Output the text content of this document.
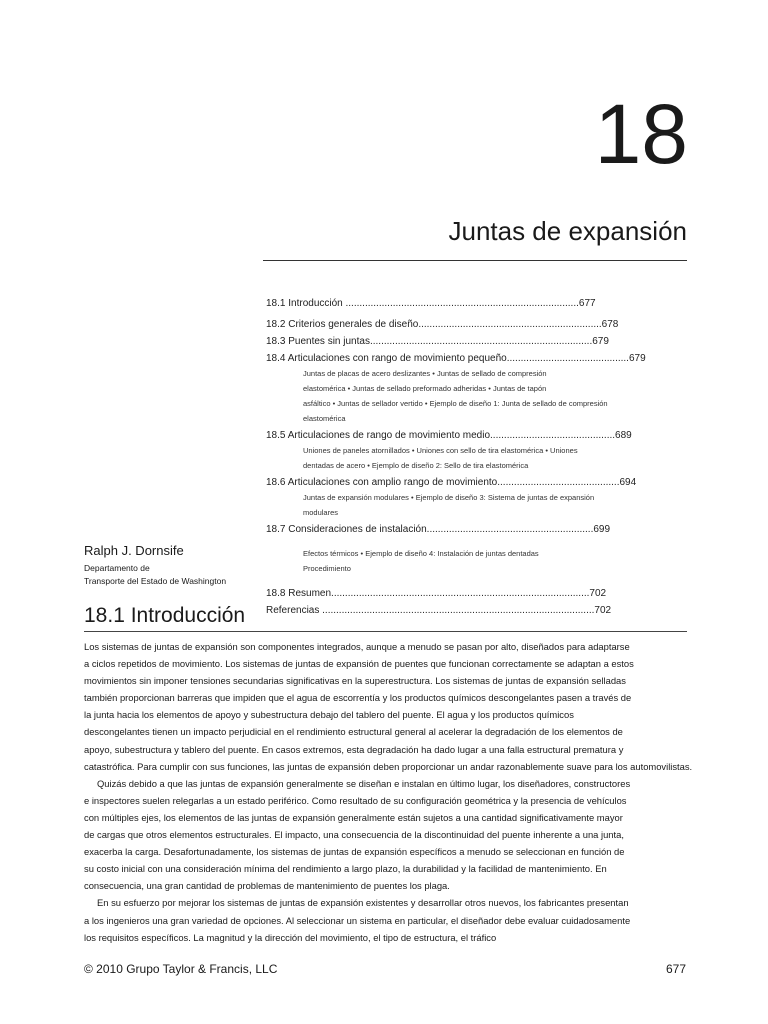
18
Juntas de expansión
18.1 Introducción ....................................................................................677
18.2 Criterios generales de diseño..................................................................678
18.3 Puentes sin juntas................................................................................679
18.4 Articulaciones con rango de movimiento pequeño............................................679
Juntas de placas de acero deslizantes • Juntas de sellado de compresión
elastomérica • Juntas de sellado preformado adheridas • Juntas de tapón
asfáltico • Juntas de sellador vertido • Ejemplo de diseño 1: Junta de sellado de compresión
elastomérica
18.5 Articulaciones de rango de movimiento medio.............................................689
Uniones de paneles atornillados • Uniones con sello de tira elastomérica • Uniones
dentadas de acero • Ejemplo de diseño 2: Sello de tira elastomérica
18.6 Articulaciones con amplio rango de movimiento............................................694
Juntas de expansión modulares • Ejemplo de diseño 3: Sistema de juntas de expansión
modulares
18.7 Consideraciones de instalación............................................................699
Efectos térmicos • Ejemplo de diseño 4: Instalación de juntas dentadas
Procedimiento
18.8 Resumen.............................................................................................702
Referencias ..................................................................................................702
Ralph J. Dornsife
Departamento de
Transporte del Estado de Washington
18.1 Introducción

Los sistemas de juntas de expansión son componentes integrados, aunque a menudo se pasan por alto, diseñados para adaptarse

a ciclos repetidos de movimiento. Los sistemas de juntas de expansión de puentes que funcionan correctamente se adaptan a estos

movimientos sin imponer tensiones secundarias significativas en la superestructura. Los sistemas de juntas de expansión selladas

también proporcionan barreras que impiden que el agua de escorrentía y los productos químicos descongelantes pasen a través de

la junta hacia los elementos de apoyo y subestructura debajo del tablero del puente. El agua y los productos químicos

descongelantes tienen un impacto perjudicial en el rendimiento estructural general al acelerar la degradación de los elementos de

apoyo, subestructura y tablero del puente. En casos extremos, esta degradación ha dado lugar a una falla estructural prematura y

catastrófica. Para cumplir con sus funciones, las juntas de expansión deben proporcionar un andar razonablemente suave para los automovilistas.

Quizás debido a que las juntas de expansión generalmente se diseñan e instalan en último lugar, los diseñadores, constructores

e inspectores suelen relegarlas a un estado periférico. Como resultado de su configuración geométrica y la presencia de vehículos

con múltiples ejes, los elementos de las juntas de expansión generalmente están sujetos a una cantidad significativamente mayor

de cargas que otros elementos estructurales. El impacto, una consecuencia de la discontinuidad del puente inherente a una junta,

exacerba la carga. Desafortunadamente, los sistemas de juntas de expansión específicos a menudo se seleccionan en función de

su costo inicial con una consideración mínima del rendimiento a largo plazo, la durabilidad y la facilidad de mantenimiento. En

consecuencia, una gran cantidad de problemas de mantenimiento de puentes los plaga.

En su esfuerzo por mejorar los sistemas de juntas de expansión existentes y desarrollar otros nuevos, los fabricantes presentan

a los ingenieros una gran variedad de opciones. Al seleccionar un sistema en particular, el diseñador debe evaluar cuidadosamente

los requisitos específicos. La magnitud y la dirección del movimiento, el tipo de estructura, el tráfico

© 2010 Grupo Taylor & Francis, LLC	677
